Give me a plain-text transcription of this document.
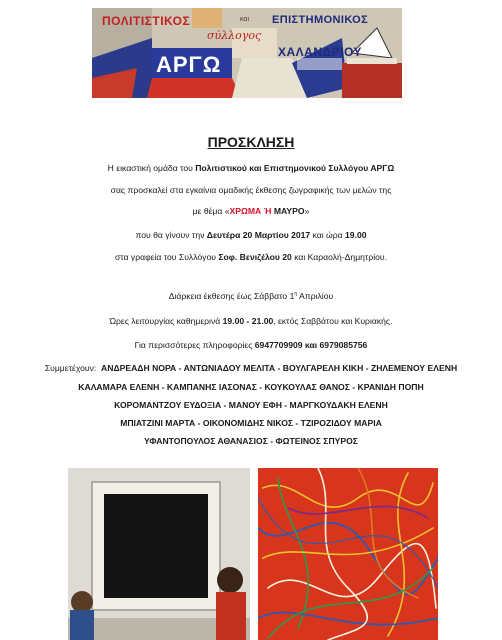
ΠΟΛΙΤΙΣΤΙΚΟΣ	και ΕΠΙΣΤΗΜΟΝΙΚΟΣ
σύλλογος
ΧΑΛΑΝΔΡΙΟΥ
ΑΡΓΩ
ΠΡΟΣΚΛΗΣΗ
Η εικαστική ομάδα του Πολιτιστικού και Επιστημονικού Συλλόγου ΑΡΓΩ
σας προσκαλεί στα εγκαίνια ομαδικής έκθεσης ζωγραφικής των μελών της
με θέμα «ΧΡΩΜΑ Ή ΜΑΥΡΟ»
που θα γίνουν την Δευτέρα 20 Μαρτίου 2017 και ώρα 19.00
στα γραφεία του Συλλόγου Σοφ. Βενιζέλου 20 και Καραολή-Δημητρίου.
Διάρκεια έκθεσης έως Σάββατο $1^\eta$ Απριλίου
Ώρες λειτουργίας καθημερινά 19.00 - 21.00, εκτός Σαββάτου και Κυριακής.
Για περισσότερες πληροφορίες 6947709909 και 6979085756
Συμμετέχουν: ΑΝΔΡΕΑΔΗ ΝΟΡΑ - ΑΝΤΩΝΙΑΔΟΥ ΜΕΛΙΤΑ - ΒΟΥΛΓΑΡΕΛΗ ΚΙΚΗ - ΖΗΛΕΜΕΝΟΥ ΕΛΕΝΗ
ΚΑΛΑΜΑΡΑ ΕΛΕΝΗ - ΚΑΜΠΑΝΗΣ ΙΑΣΟΝΑΣ - ΚΟΥΚΟΥΛΑΣ ΘΑΝΟΣ - ΚΡΑΝΙΔΗ ΠΟΠΗ
ΚΟΡΟΜΑΝΤΖΟΥ ΕΥΔΟΞΙΑ - ΜΑΝΟΥ ΕΦΗ - ΜΑΡΓΚΟΥΔΑΚΗ ΕΛΕΝΗ
ΜΠΙΑΤΖΙΝΙ ΜΑΡΤΑ - ΟΙΚΟΝΟΜΙΔΗΣ ΝΙΚΟΣ - ΤΖΙΡΟΖΙΔΟΥ ΜΑΡΙΑ
ΥΦΑΝΤΟΠΟΥΛΟΣ ΑΘΑΝΑΣΙΟΣ - ΦΩΤΕΙΝΟΣ ΣΠΥΡΟΣ
